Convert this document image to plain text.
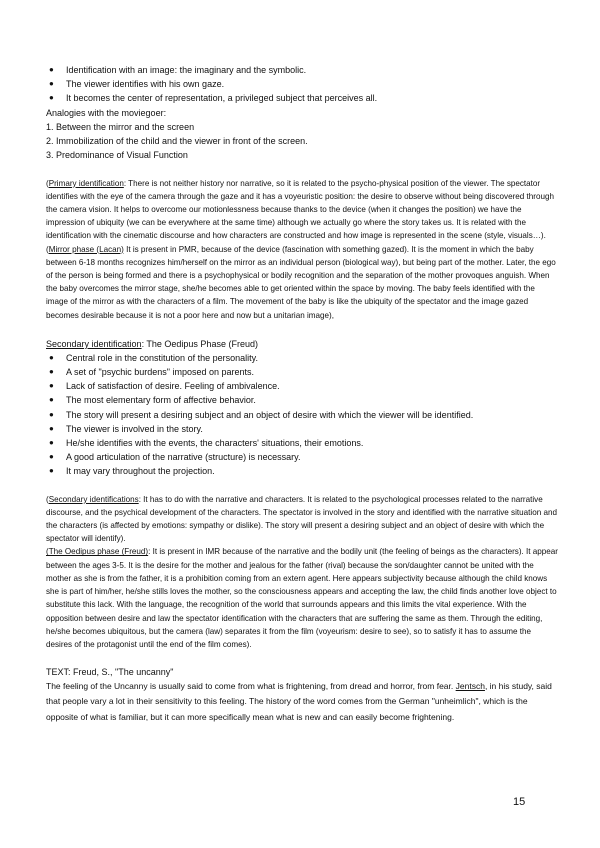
● Identification with an image: the imaginary and the symbolic.
● The viewer identifies with his own gaze.
● It becomes the center of representation, a privileged subject that perceives all.
Analogies with the moviegoer:
1. Between the mirror and the screen
2. Immobilization of the child and the viewer in front of the screen.
3. Predominance of Visual Function

(Primary identification: There is not neither history nor narrative, so it is related to the psycho-physical position of the viewer. The spectator identifies with the eye of the camera through the gaze and it has a voyeuristic position: the desire to observe without being discovered through the camera vision. It helps to overcome our motionlessness because thanks to the device (when it changes the position) we have the impression of ubiquity (we can be everywhere at the same time) although we actually go where the story takes us. It is related with the identification with the cinematic discourse and how characters are constructed and how image is represented in the scene (style, visuals…).

(Mirror phase (Lacan) It is present in PMR, because of the device (fascination with something gazed). It is the moment in which the baby between 6-18 months recognizes him/herself on the mirror as an individual person (biological way), but being part of the mother. Later, the ego of the person is being formed and there is a psychophysical or bodily recognition and the separation of the mother provoques anguish. When the baby overcomes the mirror stage, she/he becomes able to get oriented within the space by moving. The baby feels identified with the image of the mirror as with the characters of a film. The movement of the baby is like the ubiquity of the spectator and the image gazed becomes desirable because it is not a poor here and now but a unitarian image),

Secondary identification: The Oedipus Phase (Freud)
● Central role in the constitution of the personality.
● A set of "psychic burdens" imposed on parents.
● Lack of satisfaction of desire. Feeling of ambivalence.
● The most elementary form of affective behavior.
● The story will present a desiring subject and an object of desire with which the viewer will be identified.
● The viewer is involved in the story.
● He/she identifies with the events, the characters' situations, their emotions.
● A good articulation of the narrative (structure) is necessary.
● It may vary throughout the projection.

(Secondary identifications: It has to do with the narrative and characters. It is related to the psychological processes related to the narrative discourse, and the psychical development of the characters. The spectator is involved in the story and identified with the narrative situation and the characters (is affected by emotions: sympathy or dislike). The story will present a desiring subject and an object of desire with which the spectator will identify).

(The Oedipus phase (Freud): It is present in IMR because of the narrative and the bodily unit (the feeling of beings as the characters). It appear between the ages 3-5. It is the desire for the mother and jealous for the father (rival) because the son/daughter cannot be united with the mother as she is from the father, it is a prohibition coming from an extern agent. Here appears subjectivity because although the child knows she is part of him/her, he/she stills loves the mother, so the consciousness appears and accepting the law, the child finds another love object to substitute this lack. With the language, the recognition of the world that surrounds appears and this limits the vital experience. With the opposition between desire and law the spectator identification with the characters that are suffering the same as them. Through the editing, he/she becomes ubiquitous, but the camera (law) separates it from the film (voyeurism: desire to see), so to satisfy it has to assume the desires of the protagonist until the end of the film comes).

TEXT: Freud, S., "The uncanny"

The feeling of the Uncanny is usually said to come from what is frightening, from dread and horror, from fear. Jentsch, in his study, said that people vary a lot in their sensitivity to this feeling. The history of the word comes from the German "unheimlich", which is the opposite of what is familiar, but it can more specifically mean what is new and can easily become frightening.

15
